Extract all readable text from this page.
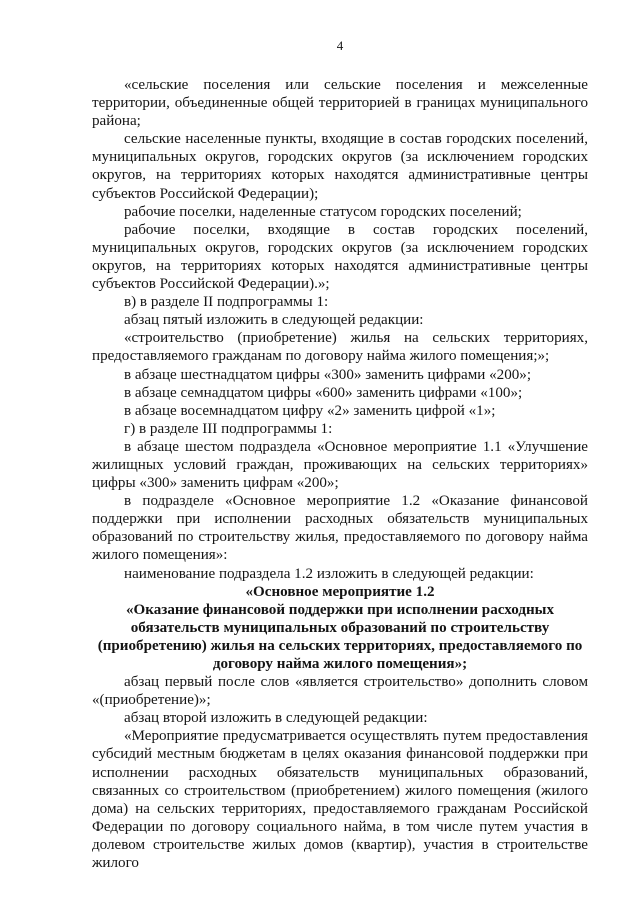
4

«сельские поселения или сельские поселения и межселенные территории, объединенные общей территорией в границах муниципального района;

сельские населенные пункты, входящие в состав городских поселений, муниципальных округов, городских округов (за исключением городских округов, на территориях которых находятся административные центры субъектов Российской Федерации);

рабочие поселки, наделенные статусом городских поселений;

рабочие поселки, входящие в состав городских поселений, муниципальных округов, городских округов (за исключением городских округов, на территориях которых находятся административные центры субъектов Российской Федерации).»;

в) в разделе II подпрограммы 1:

абзац пятый изложить в следующей редакции:

«строительство (приобретение) жилья на сельских территориях, предоставляемого гражданам по договору найма жилого помещения;»;

в абзаце шестнадцатом цифры «300» заменить цифрами «200»;

в абзаце семнадцатом цифры «600» заменить цифрами «100»;

в абзаце восемнадцатом цифру «2» заменить цифрой «1»;

г) в разделе III подпрограммы 1:

в абзаце шестом подраздела «Основное мероприятие 1.1 «Улучшение жилищных условий граждан, проживающих на сельских территориях» цифры «300» заменить цифрам «200»;

в подразделе «Основное мероприятие 1.2 «Оказание финансовой поддержки при исполнении расходных обязательств муниципальных образований по строительству жилья, предоставляемого по договору найма жилого помещения»:

наименование подраздела 1.2 изложить в следующей редакции:

«Основное мероприятие 1.2
«Оказание финансовой поддержки при исполнении расходных обязательств муниципальных образований по строительству (приобретению) жилья на сельских территориях, предоставляемого по договору найма жилого помещения»;

абзац первый после слов «является строительство» дополнить словом «(приобретение)»;

абзац второй изложить в следующей редакции:

«Мероприятие предусматривается осуществлять путем предоставления субсидий местным бюджетам в целях оказания финансовой поддержки при исполнении расходных обязательств муниципальных образований, связанных со строительством (приобретением) жилого помещения (жилого дома) на сельских территориях, предоставляемого гражданам Российской Федерации по договору социального найма, в том числе путем участия в долевом строительстве жилых домов (квартир), участия в строительстве жилого
